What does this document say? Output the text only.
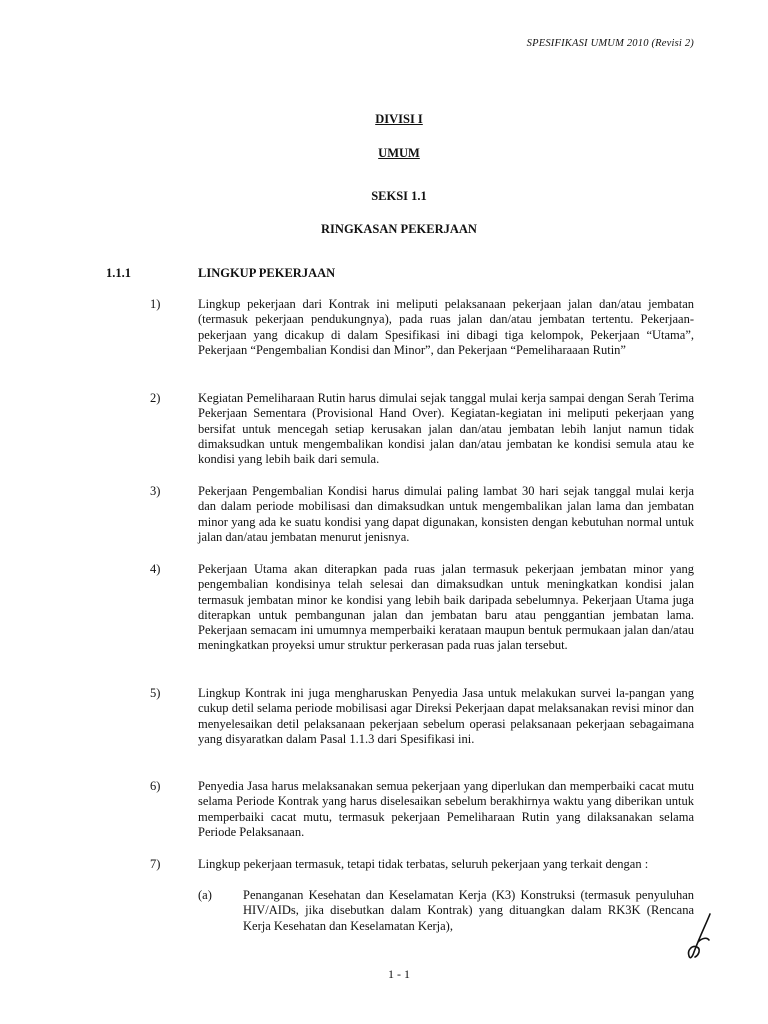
SPESIFIKASI UMUM 2010 (Revisi 2)
DIVISI I
UMUM
SEKSI 1.1
RINGKASAN PEKERJAAN
1.1.1	LINGKUP PEKERJAAN
1)	Lingkup pekerjaan dari Kontrak ini meliputi pelaksanaan pekerjaan jalan dan/atau jembatan (termasuk pekerjaan pendukungnya), pada ruas jalan dan/atau jembatan tertentu. Pekerjaan-pekerjaan yang dicakup di dalam Spesifikasi ini dibagi tiga kelompok, Pekerjaan “Utama”, Pekerjaan “Pengembalian Kondisi dan Minor”, dan Pekerjaan “Pemeliharaaan Rutin”
2)	Kegiatan Pemeliharaan Rutin harus dimulai sejak tanggal mulai kerja sampai dengan Serah Terima Pekerjaan Sementara (Provisional Hand Over). Kegiatan-kegiatan ini meliputi pekerjaan yang bersifat untuk mencegah setiap kerusakan jalan dan/atau jembatan lebih lanjut namun tidak dimaksudkan untuk mengembalikan kondisi jalan dan/atau jembatan ke kondisi semula atau ke kondisi yang lebih baik dari semula.
3)	Pekerjaan Pengembalian Kondisi harus dimulai paling lambat 30 hari sejak tanggal mulai kerja dan dalam periode mobilisasi dan dimaksudkan untuk mengembalikan jalan lama dan jembatan minor yang ada ke suatu kondisi yang dapat digunakan, konsisten dengan kebutuhan normal untuk jalan dan/atau jembatan menurut jenisnya.
4)	Pekerjaan Utama akan diterapkan pada ruas jalan termasuk pekerjaan jembatan minor yang pengembalian kondisinya telah selesai dan dimaksudkan untuk meningkatkan kondisi jalan termasuk jembatan minor ke kondisi yang lebih baik daripada sebelumnya. Pekerjaan Utama juga diterapkan untuk pembangunan jalan dan jembatan baru atau penggantian jembatan lama. Pekerjaan semacam ini umumnya memperbaiki kerataan maupun bentuk permukaan jalan dan/atau meningkatkan proyeksi umur struktur perkerasan pada ruas jalan tersebut.
5)	Lingkup Kontrak ini juga mengharuskan Penyedia Jasa untuk melakukan survei la-pangan yang cukup detil selama periode mobilisasi agar Direksi Pekerjaan dapat melaksanakan revisi minor dan menyelesaikan detil pelaksanaan pekerjaan sebelum operasi pelaksanaan pekerjaan sebagaimana yang disyaratkan dalam Pasal 1.1.3 dari Spesifikasi ini.
6)	Penyedia Jasa harus melaksanakan semua pekerjaan yang diperlukan dan memperbaiki cacat mutu selama Periode Kontrak yang harus diselesaikan sebelum berakhirnya waktu yang diberikan untuk memperbaiki cacat mutu, termasuk pekerjaan Pemeliharaan Rutin yang dilaksanakan selama Periode Pelaksanaan.
7)	Lingkup pekerjaan termasuk, tetapi tidak terbatas, seluruh pekerjaan yang terkait dengan :
(a) Penanganan Kesehatan dan Keselamatan Kerja (K3) Konstruksi (termasuk penyuluhan HIV/AIDs, jika disebutkan dalam Kontrak) yang dituangkan dalam RK3K (Rencana Kerja Kesehatan dan Keselamatan Kerja),
1 - 1
